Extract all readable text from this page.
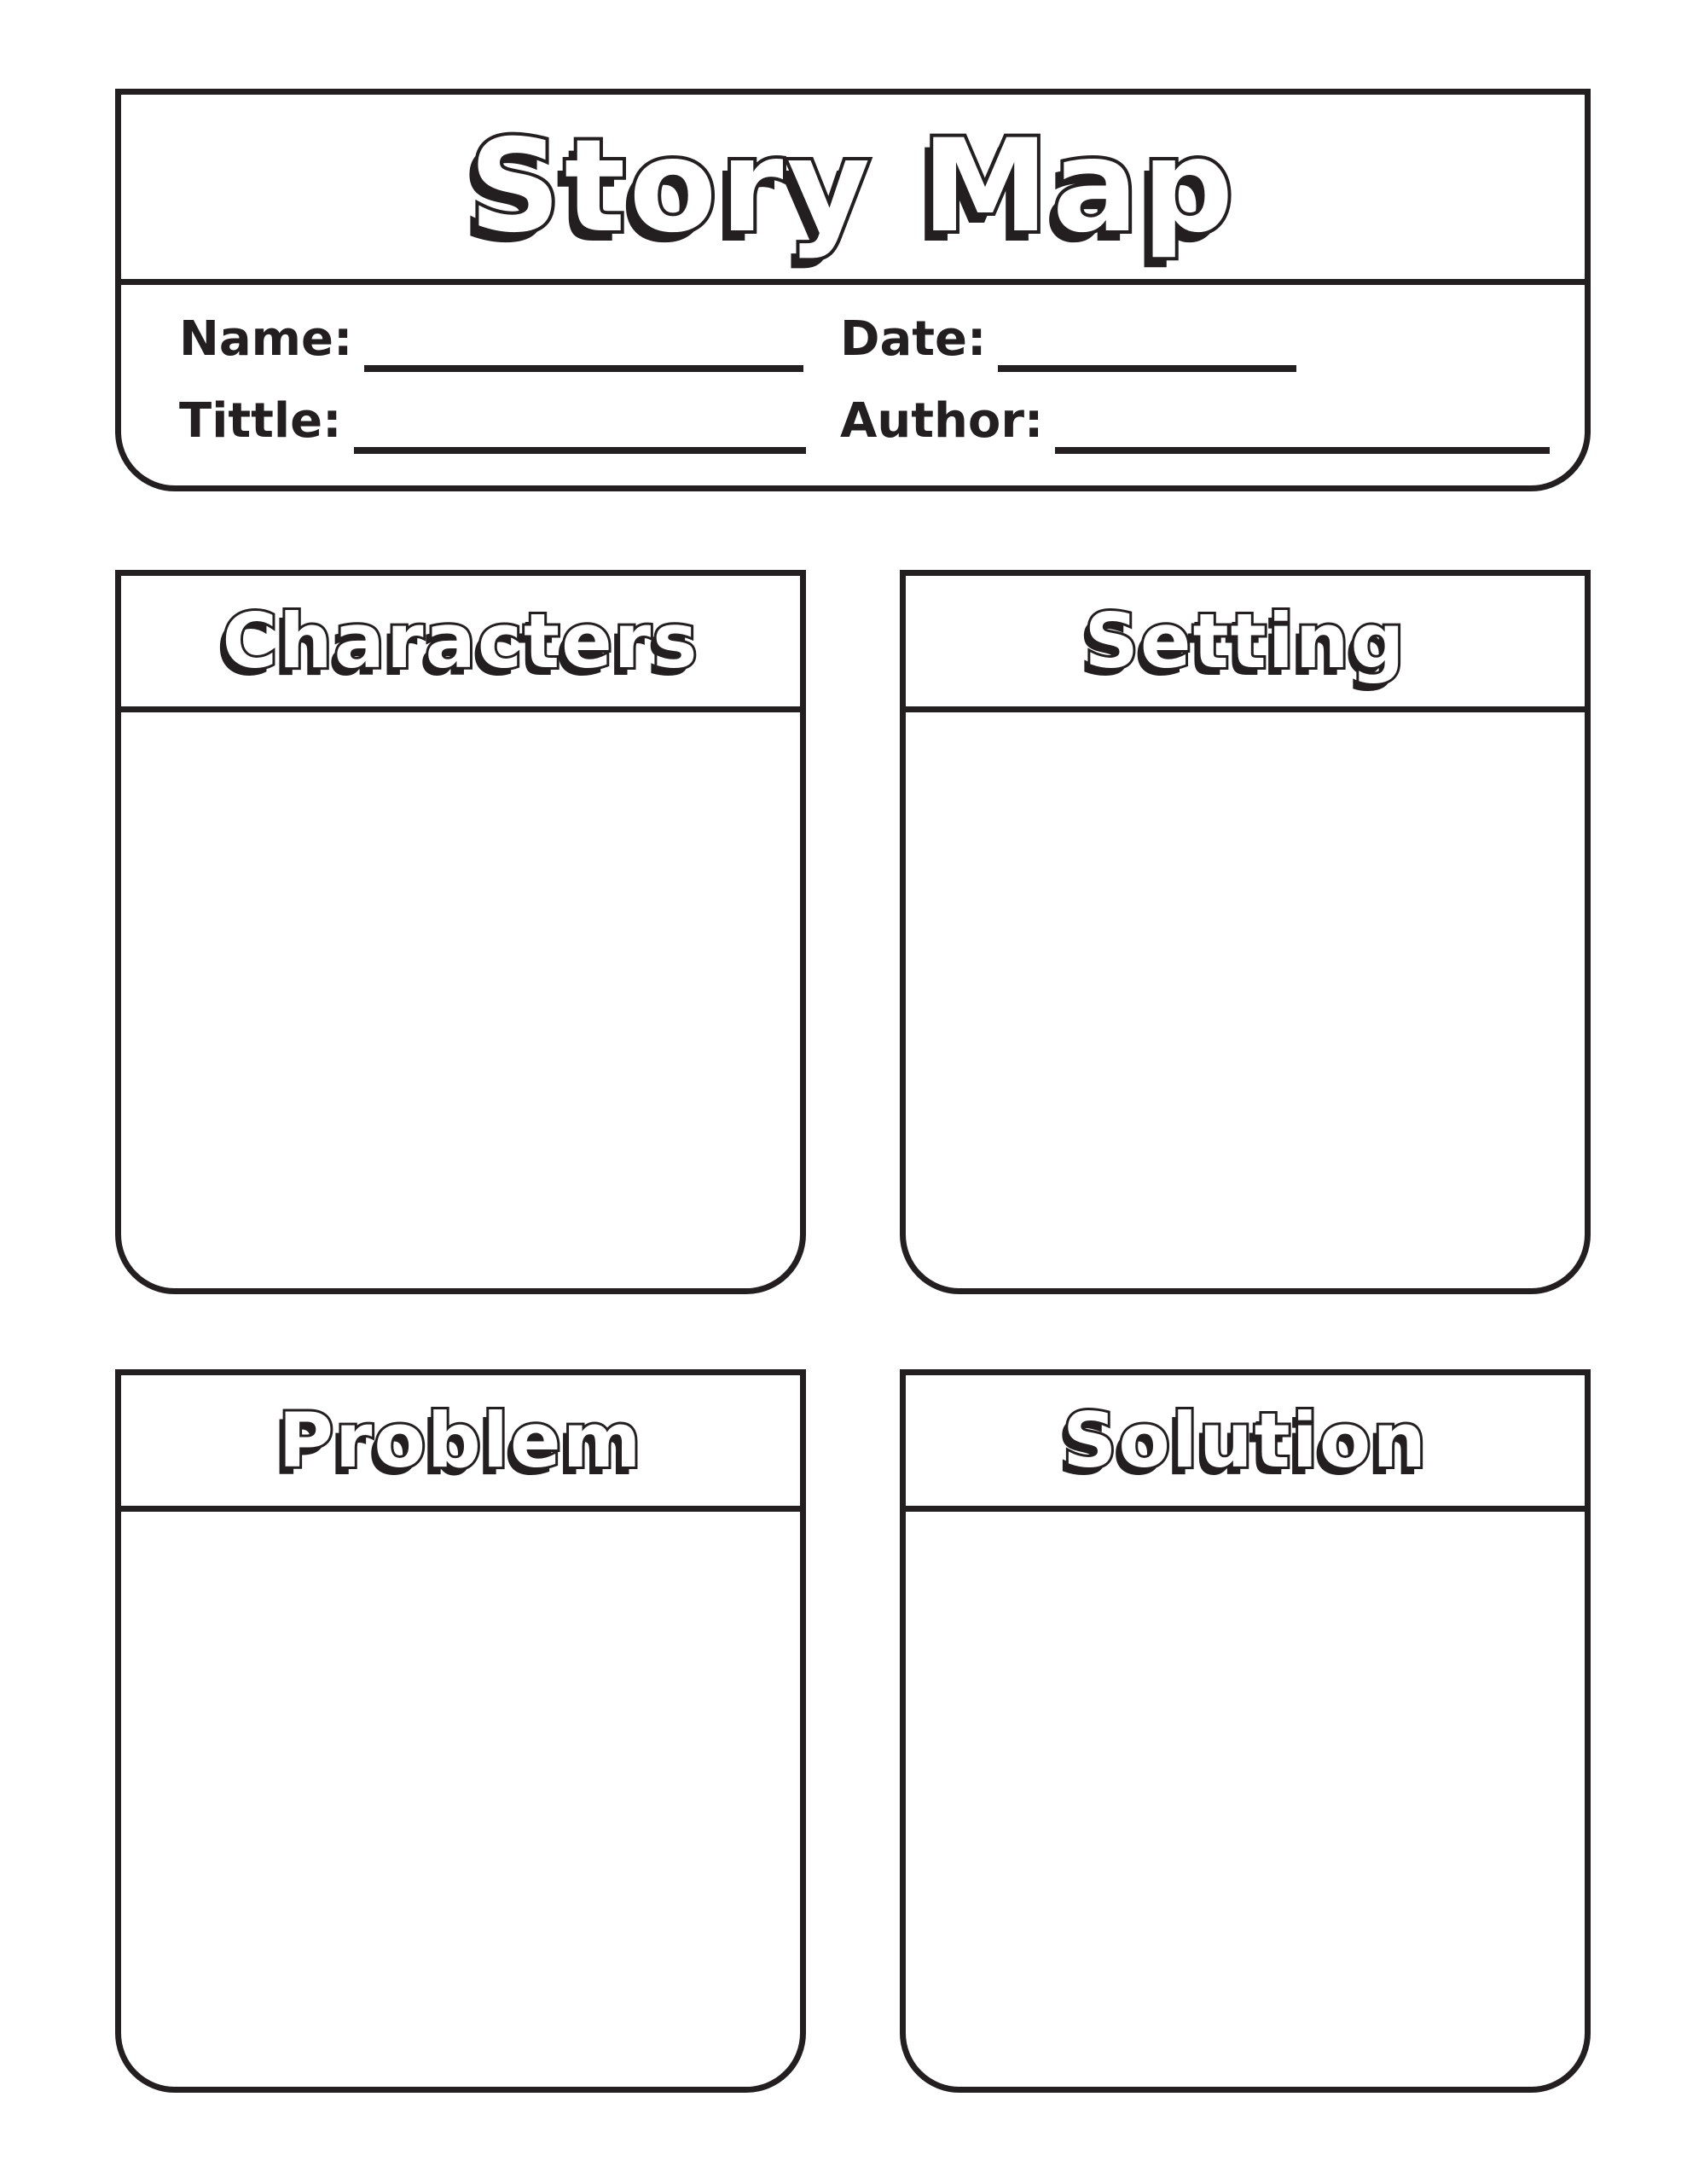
Story Map
Name:	Date:
Tittle:	Author:
Characters	Setting
Problem	Solution
